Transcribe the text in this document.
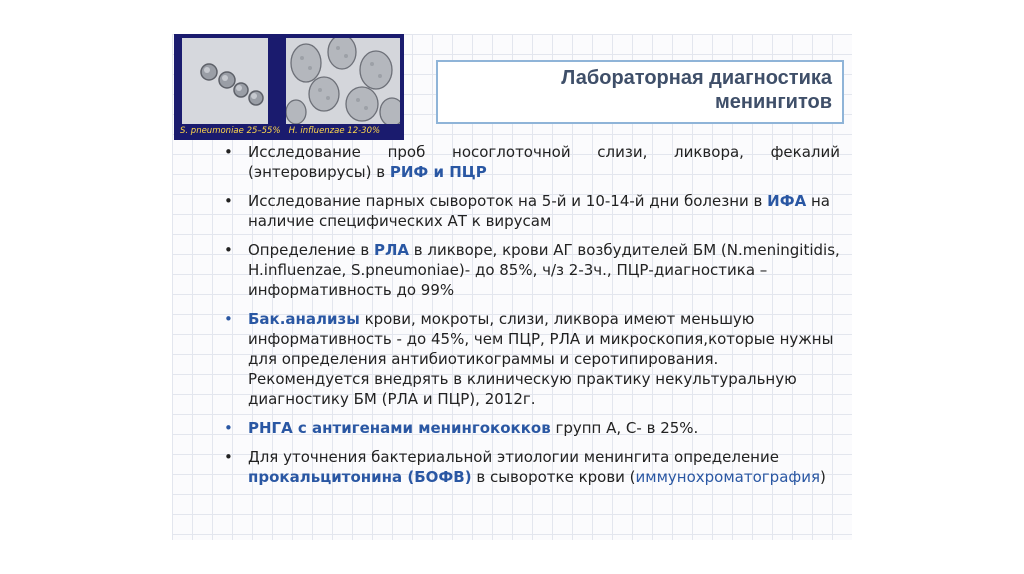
S. pneumoniae 25–55% H. influenzae 12-30%
Лабораторная диагностика
менингитов
• Исследование проб носоглоточной слизи, ликвора, фекалий (энтеровирусы) в РИФ и ПЦР
• Исследование парных сывороток на 5-й и 10-14-й дни болезни в ИФА на наличие специфических АТ к вирусам
• Определение в РЛА в ликворе, крови АГ возбудителей БМ (N.meningitidis, H.influenzae, S.pneumoniae)- до 85%, ч/з 2-3ч., ПЦР-диагностика – информативность до 99%
• Бак.анализы крови, мокроты, слизи, ликвора имеют меньшую информативность - до 45%, чем ПЦР, РЛА и микроскопия,которые нужны для определения антибиотикограммы и серотипирования. Рекомендуется внедрять в клиническую практику некультуральную диагностику БМ (РЛА и ПЦР), 2012г.
• РНГА с антигенами менингококков групп А, С- в 25%.
• Для уточнения бактериальной этиологии менингита определение прокальцитонина (БОФВ) в сыворотке крови (иммунохроматография)
